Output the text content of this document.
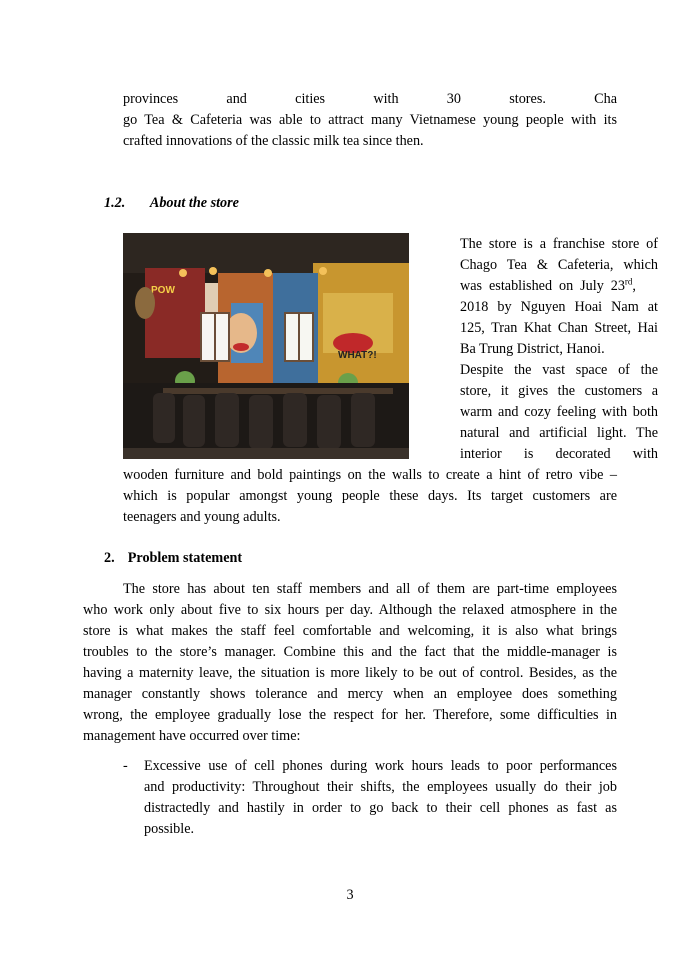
provinces and cities with 30 stores. Cha
go Tea & Cafeteria was able to attract many Vietnamese young people with its
crafted innovations of the classic milk tea since then.
1.2. About the store
WHAT?!
POW
The store is a franchise store of
Chago Tea & Cafeteria, which
was established on July 23rd,
2018 by Nguyen Hoai Nam at
125, Tran Khat Chan Street, Hai
Ba Trung District, Hanoi.
Despite the vast space of the
store, it gives the customers a
warm and cozy feeling with both
natural and artificial light. The
interior is decorated with
wooden furniture and bold paintings on the walls to create a hint of retro vibe –
which is popular amongst young people these days. Its target customers are
teenagers and young adults.
2. Problem statement
The store has about ten staff members and all of them are part-time employees
who work only about five to six hours per day. Although the relaxed atmosphere in the
store is what makes the staff feel comfortable and welcoming, it is also what brings
troubles to the store’s manager. Combine this and the fact that the middle-manager is
having a maternity leave, the situation is more likely to be out of control. Besides, as the
manager constantly shows tolerance and mercy when an employee does something
wrong, the employee gradually lose the respect for her. Therefore, some difficulties in
management have occurred over time:
- Excessive use of cell phones during work hours leads to poor performances
and productivity: Throughout their shifts, the employees usually do their job
distractedly and hastily in order to go back to their cell phones as fast as
possible.
3
